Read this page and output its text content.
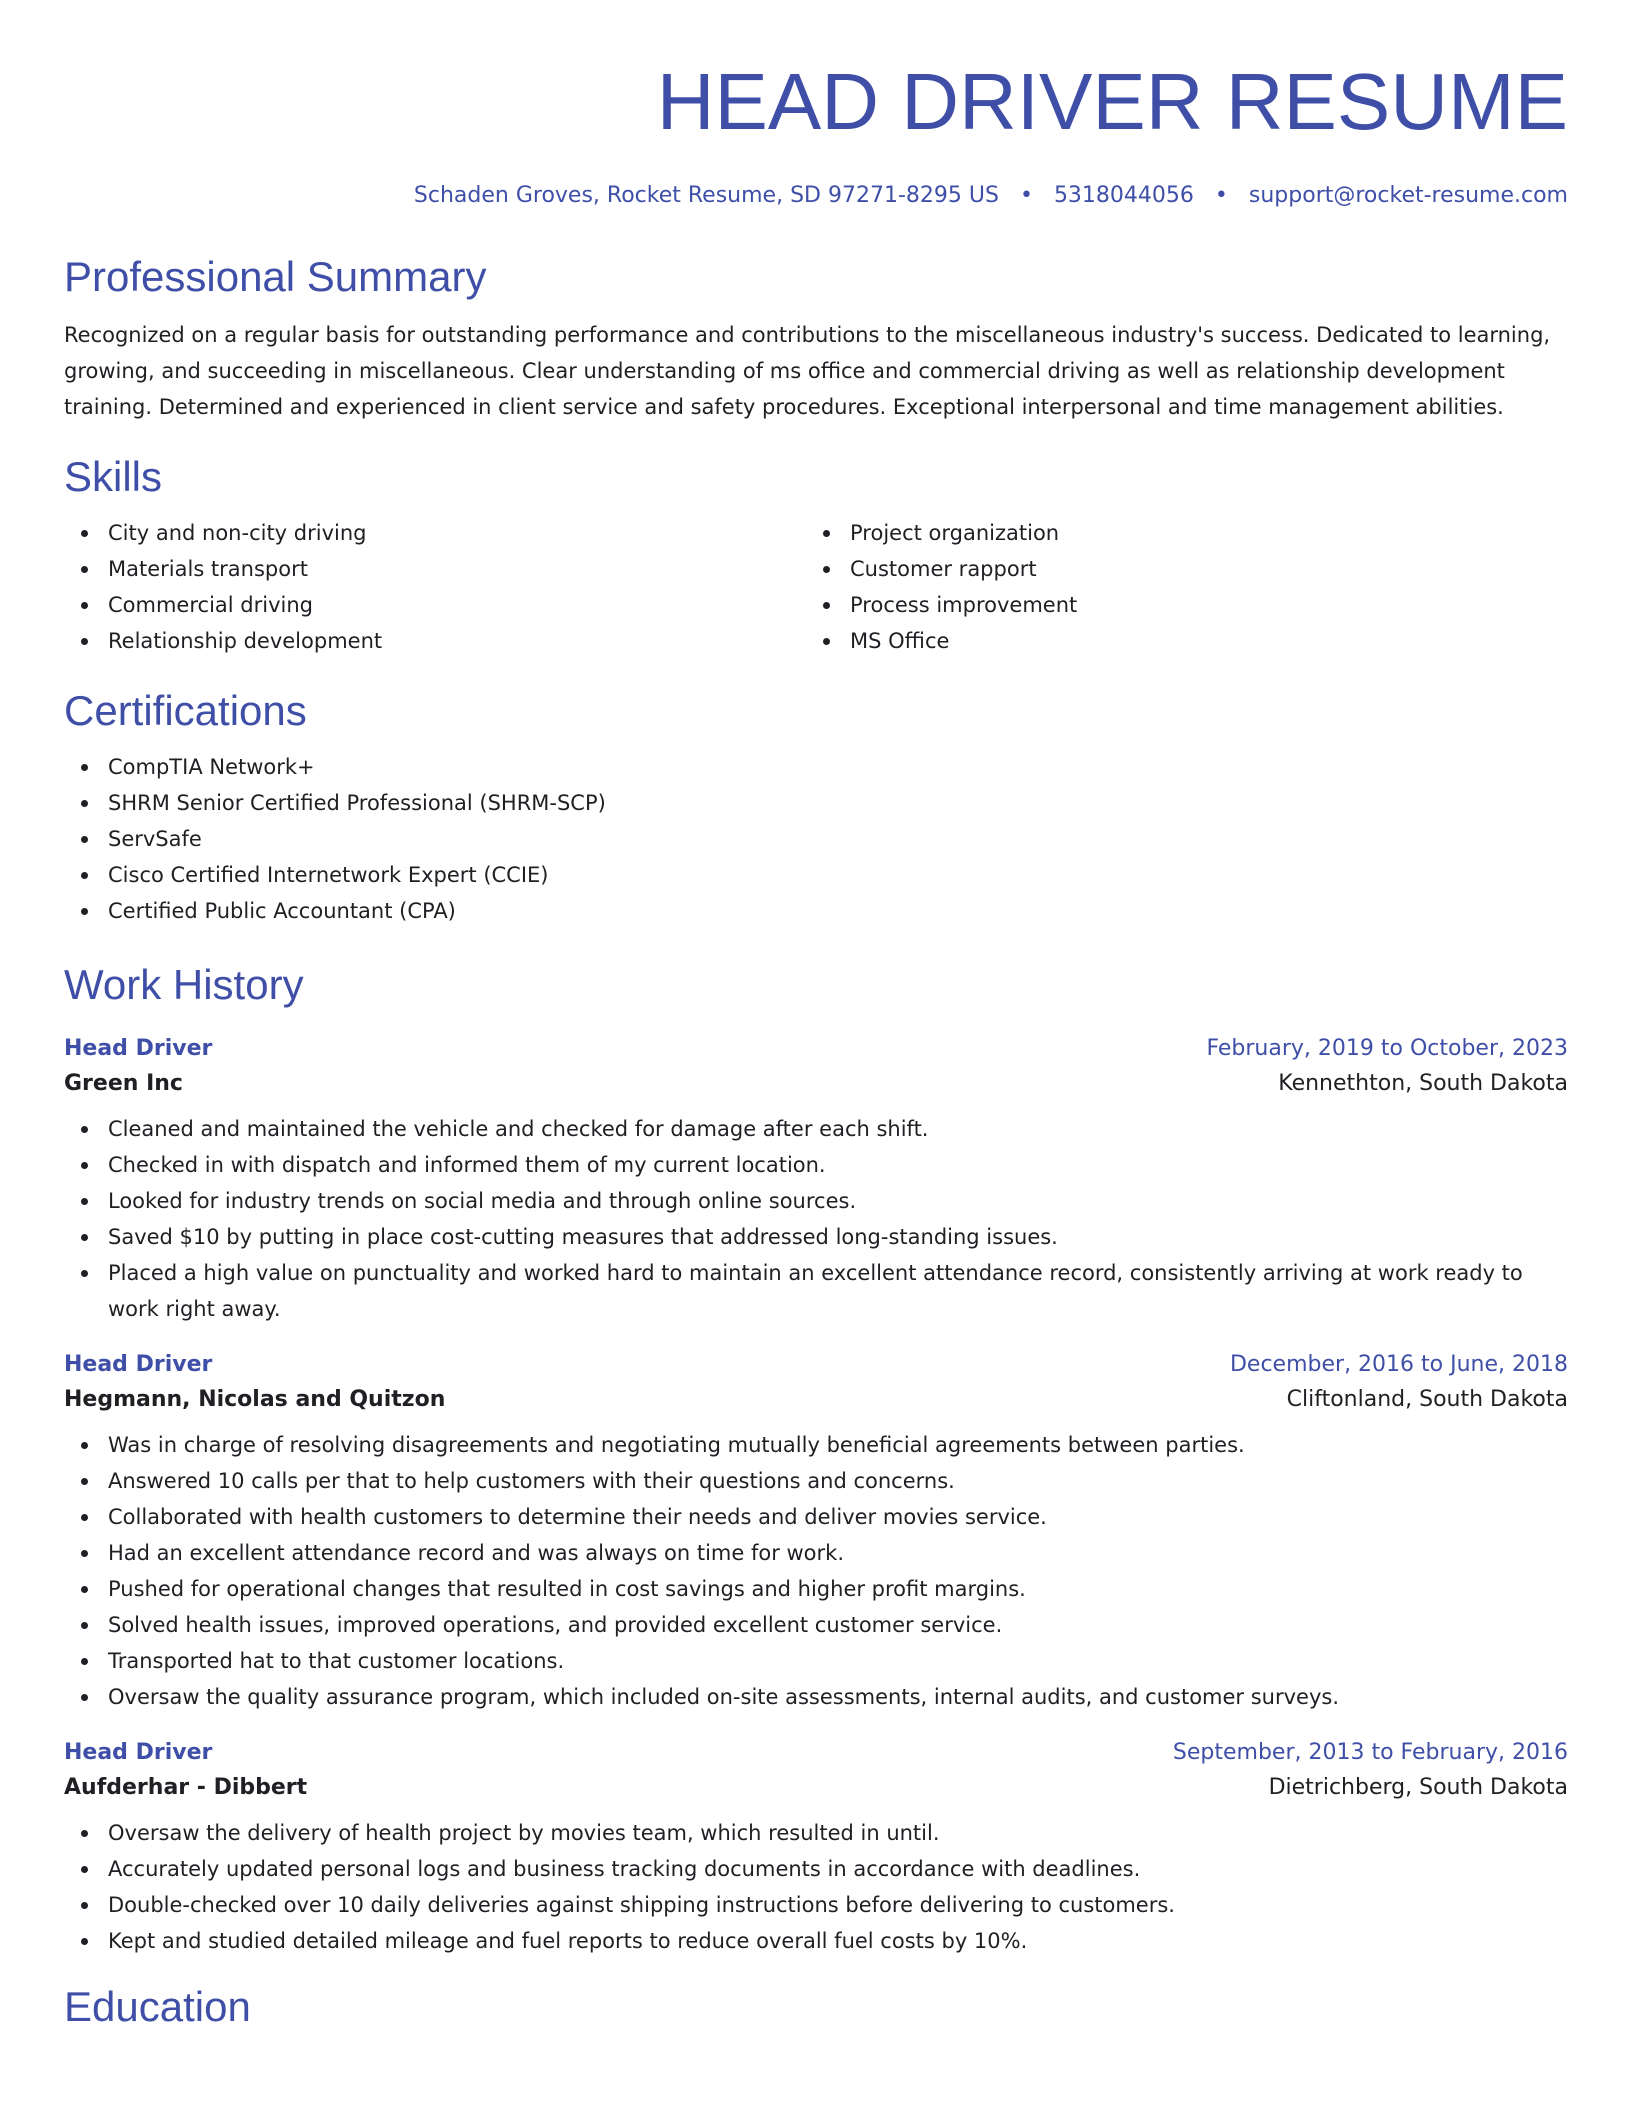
HEAD DRIVER RESUME
Schaden Groves, Rocket Resume, SD 97271-8295 US • 5318044056 • support@rocket-resume.com
Professional Summary
Recognized on a regular basis for outstanding performance and contributions to the miscellaneous industry's success. Dedicated to learning, growing, and succeeding in miscellaneous. Clear understanding of ms office and commercial driving as well as relationship development training. Determined and experienced in client service and safety procedures. Exceptional interpersonal and time management abilities.
Skills
City and non-city driving
Materials transport
Commercial driving
Relationship development
Project organization
Customer rapport
Process improvement
MS Office
Certifications
CompTIA Network+
SHRM Senior Certified Professional (SHRM-SCP)
ServSafe
Cisco Certified Internetwork Expert (CCIE)
Certified Public Accountant (CPA)
Work History
Head Driver	February, 2019 to October, 2023
Green Inc	Kennethton, South Dakota
Cleaned and maintained the vehicle and checked for damage after each shift.
Checked in with dispatch and informed them of my current location.
Looked for industry trends on social media and through online sources.
Saved $10 by putting in place cost-cutting measures that addressed long-standing issues.
Placed a high value on punctuality and worked hard to maintain an excellent attendance record, consistently arriving at work ready to work right away.
Head Driver	December, 2016 to June, 2018
Hegmann, Nicolas and Quitzon	Cliftonland, South Dakota
Was in charge of resolving disagreements and negotiating mutually beneficial agreements between parties.
Answered 10 calls per that to help customers with their questions and concerns.
Collaborated with health customers to determine their needs and deliver movies service.
Had an excellent attendance record and was always on time for work.
Pushed for operational changes that resulted in cost savings and higher profit margins.
Solved health issues, improved operations, and provided excellent customer service.
Transported hat to that customer locations.
Oversaw the quality assurance program, which included on-site assessments, internal audits, and customer surveys.
Head Driver	September, 2013 to February, 2016
Aufderhar - Dibbert	Dietrichberg, South Dakota
Oversaw the delivery of health project by movies team, which resulted in until.
Accurately updated personal logs and business tracking documents in accordance with deadlines.
Double-checked over 10 daily deliveries against shipping instructions before delivering to customers.
Kept and studied detailed mileage and fuel reports to reduce overall fuel costs by 10%.
Education
